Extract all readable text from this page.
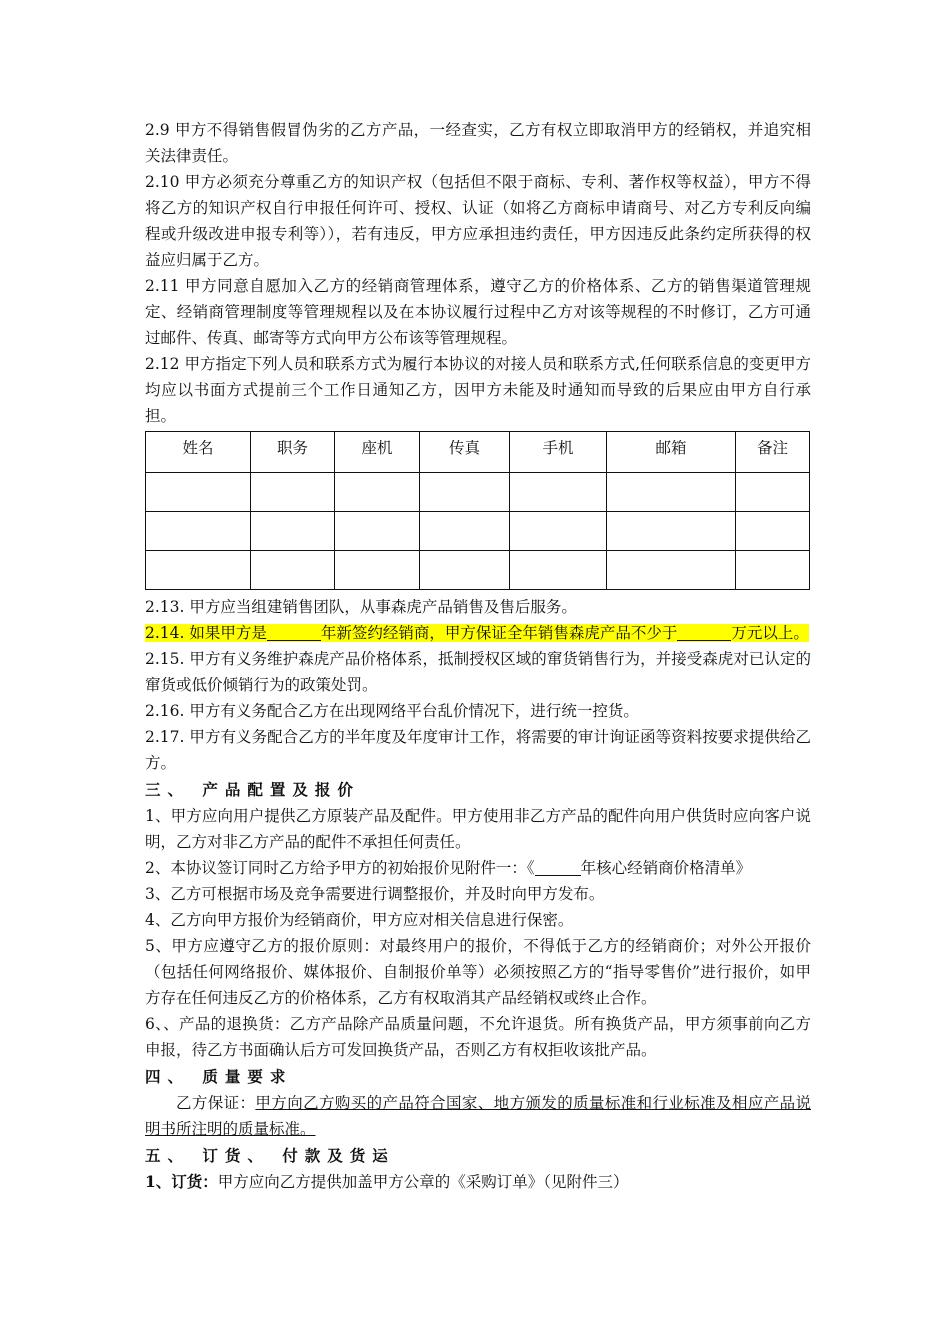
2.9 甲方不得销售假冒伪劣的乙方产品，一经查实，乙方有权立即取消甲方的经销权，并追究相 关法律责任。

2.10 甲方必须充分尊重乙方的知识产权（包括但不限于商标、专利、著作权等权益），甲方不得 将乙方的知识产权自行申报任何许可、授权、认证（如将乙方商标申请商号、对乙方专利反向编程或升级改进申报专利等）），若有违反，甲方应承担违约责任，甲方因违反此条约定所获得的权益应归属于乙方。

2.11 甲方同意自愿加入乙方的经销商管理体系，遵守乙方的价格体系、乙方的销售渠道管理规定、经销商管理制度等管理规程以及在本协议履行过程中乙方对该等规程的不时修订，乙方可通过邮件、传真、邮寄等方式向甲方公布该等管理规程。

2.12 甲方指定下列人员和联系方式为履行本协议的对接人员和联系方式,任何联系信息的变更甲方均应以书面方式提前三个工作日通知乙方，因甲方未能及时通知而导致的后果应由甲方自行承担。

姓名	职务	座机	传真	手机	邮箱	备注

2.13. 甲方应当组建销售团队，从事森虎产品销售及售后服务。

2.14. 如果甲方是	年新签约经销商，甲方保证全年销售森虎产品不少于	万元以上。

2.15. 甲方有义务维护森虎产品价格体系，抵制授权区域的窜货销售行为，并接受森虎对已认定的窜货或低价倾销行为的政策处罚。

2.16. 甲方有义务配合乙方在出现网络平台乱价情况下，进行统一控货。

2.17. 甲方有义务配合乙方的半年度及年度审计工作，将需要的审计询证函等资料按要求提供给乙方。

三、 产品配置及报价

1、甲方应向用户提供乙方原装产品及配件。甲方使用非乙方产品的配件向用户供货时应向客户说明，乙方对非乙方产品的配件不承担任何责任。

2、本协议签订同时乙方给予甲方的初始报价见附件一：《	年核心经销商价格清单》

3、乙方可根据市场及竞争需要进行调整报价，并及时向甲方发布。

4、乙方向甲方报价为经销商价，甲方应对相关信息进行保密。

5、甲方应遵守乙方的报价原则：对最终用户的报价，不得低于乙方的经销商价；对外公开报价（包括任何网络报价、媒体报价、自制报价单等）必须按照乙方的“指导零售价”进行报价，如甲方存在任何违反乙方的价格体系，乙方有权取消其产品经销权或终止合作。

6、、产品的退换货：乙方产品除产品质量问题，不允许退货。所有换货产品，甲方须事前向乙方申报，待乙方书面确认后方可发回换货产品，否则乙方有权拒收该批产品。

四、 质量要求

乙方保证：甲方向乙方购买的产品符合国家、地方颁发的质量标准和行业标准及相应产品说明书所注明的质量标准。

五、 订货、 付款及货运

1、订货：甲方应向乙方提供加盖甲方公章的《采购订单》（见附件三）
